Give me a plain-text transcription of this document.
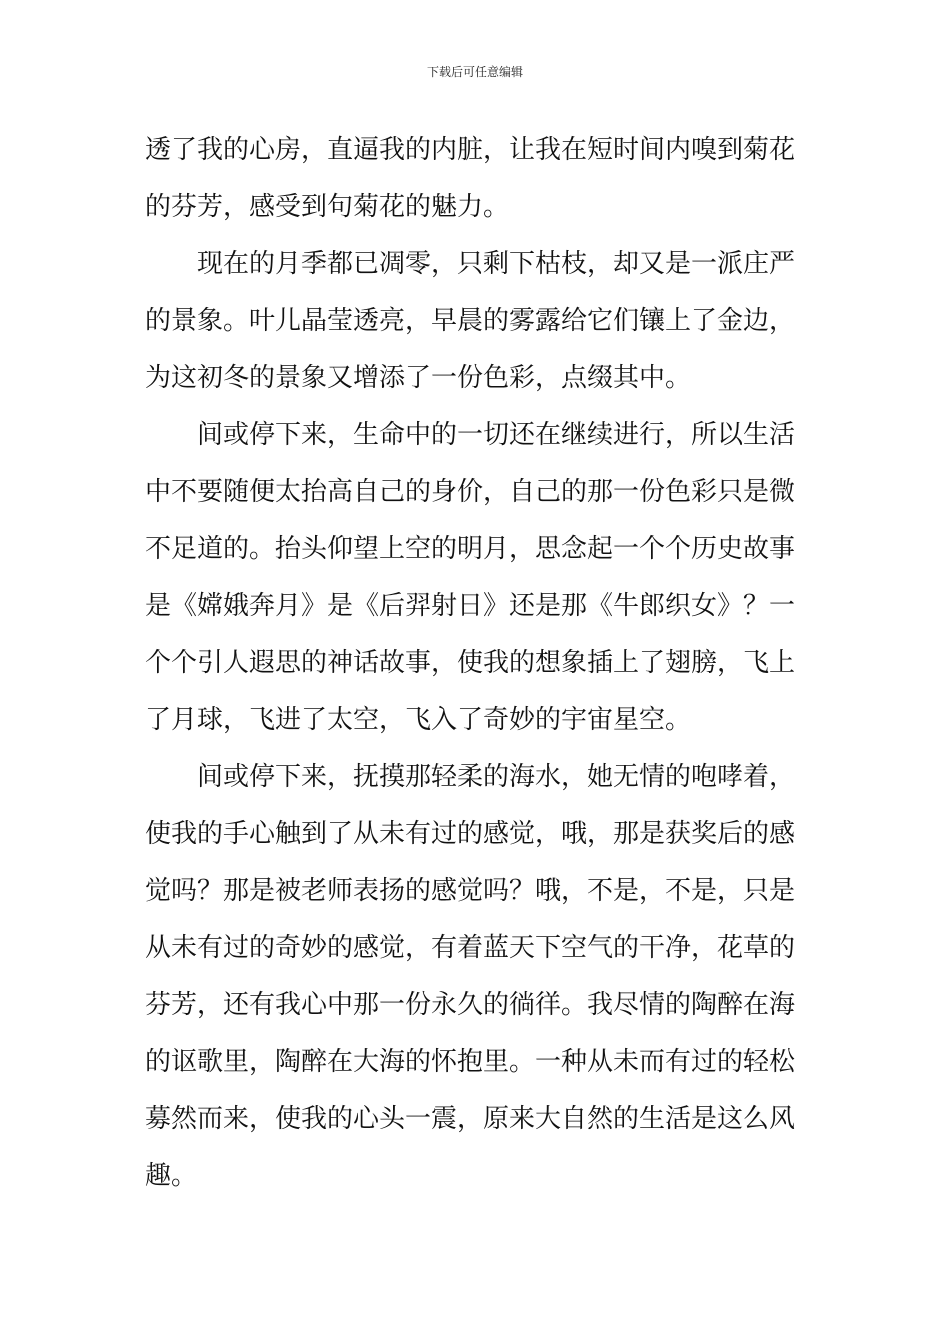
下载后可任意编辑
透了我的心房，直逼我的内脏，让我在短时间内嗅到菊花
的芬芳，感受到句菊花的魅力。
现在的月季都已凋零，只剩下枯枝，却又是一派庄严
的景象。叶儿晶莹透亮，早晨的雾露给它们镶上了金边，
为这初冬的景象又增添了一份色彩，点缀其中。
间或停下来，生命中的一切还在继续进行，所以生活
中不要随便太抬高自己的身价，自己的那一份色彩只是微
不足道的。抬头仰望上空的明月，思念起一个个历史故事
是《嫦娥奔月》是《后羿射日》还是那《牛郎织女》？一
个个引人遐思的神话故事，使我的想象插上了翅膀，飞上
了月球，飞进了太空，飞入了奇妙的宇宙星空。
间或停下来，抚摸那轻柔的海水，她无情的咆哮着，
使我的手心触到了从未有过的感觉，哦，那是获奖后的感
觉吗？那是被老师表扬的感觉吗？哦，不是，不是，只是
从未有过的奇妙的感觉，有着蓝天下空气的干净，花草的
芬芳，还有我心中那一份永久的徜徉。我尽情的陶醉在海
的讴歌里，陶醉在大海的怀抱里。一种从未而有过的轻松
募然而来，使我的心头一震，原来大自然的生活是这么风
趣。
